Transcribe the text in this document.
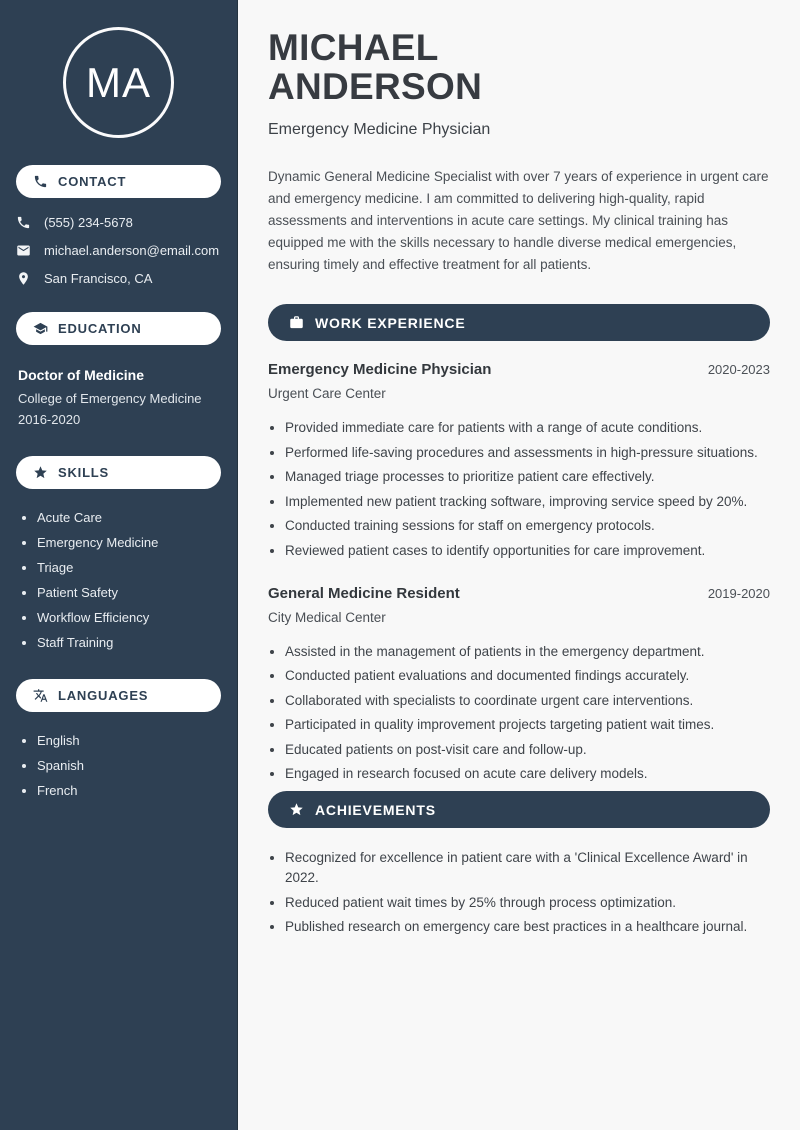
MA
CONTACT
(555) 234-5678
michael.anderson@email.com
San Francisco, CA
EDUCATION
Doctor of Medicine
College of Emergency Medicine
2016-2020
SKILLS
• Acute Care
• Emergency Medicine
• Triage
• Patient Safety
• Workflow Efficiency
• Staff Training
LANGUAGES
• English
• Spanish
• French
MICHAEL
ANDERSON
Emergency Medicine Physician

Dynamic General Medicine Specialist with over 7 years of experience in urgent care and emergency medicine. I am committed to delivering high-quality, rapid assessments and interventions in acute care settings. My clinical training has equipped me with the skills necessary to handle diverse medical emergencies, ensuring timely and effective treatment for all patients.

WORK EXPERIENCE
Emergency Medicine Physician	2020-2023
Urgent Care Center
• Provided immediate care for patients with a range of acute conditions.
• Performed life-saving procedures and assessments in high-pressure situations.
• Managed triage processes to prioritize patient care effectively.
• Implemented new patient tracking software, improving service speed by 20%.
• Conducted training sessions for staff on emergency protocols.
• Reviewed patient cases to identify opportunities for care improvement.
General Medicine Resident	2019-2020
City Medical Center
• Assisted in the management of patients in the emergency department.
• Conducted patient evaluations and documented findings accurately.
• Collaborated with specialists to coordinate urgent care interventions.
• Participated in quality improvement projects targeting patient wait times.
• Educated patients on post-visit care and follow-up.
• Engaged in research focused on acute care delivery models.
ACHIEVEMENTS
• Recognized for excellence in patient care with a 'Clinical Excellence Award' in 2022.
• Reduced patient wait times by 25% through process optimization.
• Published research on emergency care best practices in a healthcare journal.
